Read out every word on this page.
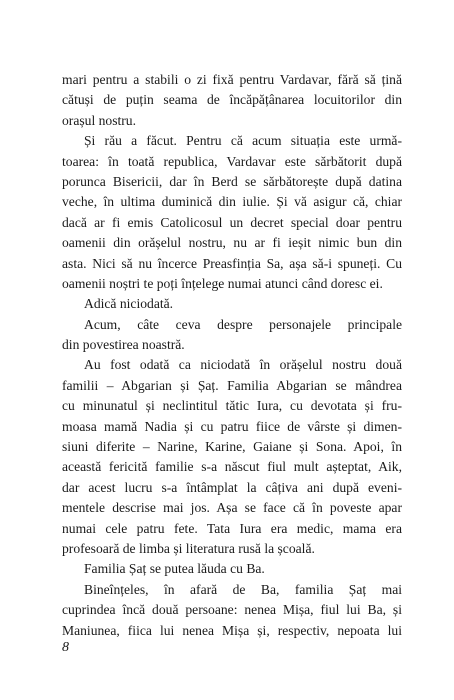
mari pentru a stabili o zi fixă pentru Vardavar, fără să țină
cătuși de puțin seama de încăpățânarea locuitorilor din
orașul nostru.
Și rău a făcut. Pentru că acum situația este urmă-
toarea: în toată republica, Vardavar este sărbătorit după
porunca Bisericii, dar în Berd se sărbătorește după datina
veche, în ultima duminică din iulie. Și vă asigur că, chiar
dacă ar fi emis Catolicosul un decret special doar pentru
oamenii din orășelul nostru, nu ar fi ieșit nimic bun din
asta. Nici să nu încerce Preasfinția Sa, așa să-i spuneți. Cu
oamenii noștri te poți înțelege numai atunci când doresc ei.
Adică niciodată.
Acum, câte ceva despre personajele principale
din povestirea noastră.
Au fost odată ca niciodată în orășelul nostru două
familii – Abgarian și Șaț. Familia Abgarian se mândrea
cu minunatul și neclintitul tătic Iura, cu devotata și fru-
moasa mamă Nadia și cu patru fiice de vârste și dimen-
siuni diferite – Narine, Karine, Gaiane și Sona. Apoi, în
această fericită familie s-a născut fiul mult așteptat, Aik,
dar acest lucru s-a întâmplat la câțiva ani după eveni-
mentele descrise mai jos. Așa se face că în poveste apar
numai cele patru fete. Tata Iura era medic, mama era
profesoară de limba și literatura rusă la școală.
Familia Șaț se putea lăuda cu Ba.
Bineînțeles, în afară de Ba, familia Șaț mai
cuprindea încă două persoane: nenea Mișa, fiul lui Ba, și
Maniunea, fiica lui nenea Mișa și, respectiv, nepoata lui
8
